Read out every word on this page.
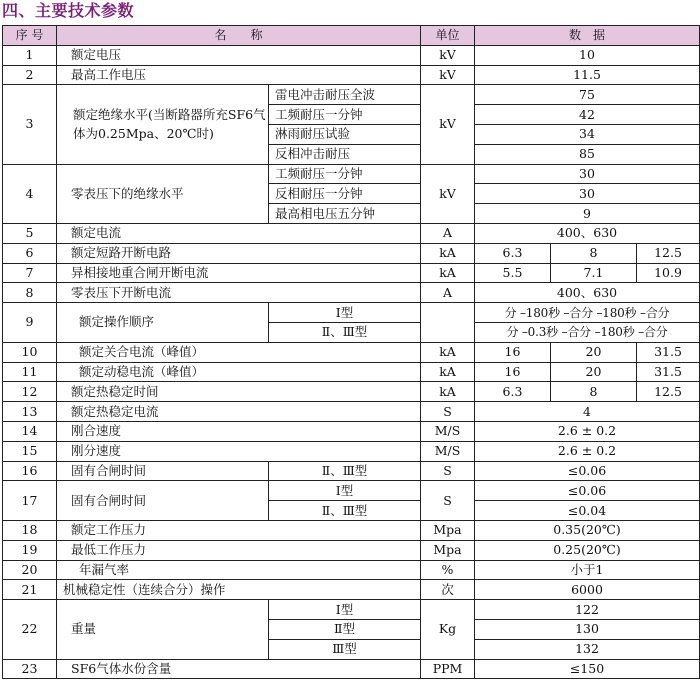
四、主要技术参数
序 号	名　　称		单位	数　据		
1	额定电压		kV	10		
2	最高工作电压		kV	11.5		
3	额定绝缘水平(当断路器所充SF6气体为0.25Mpa、20℃时)	雷电冲击耐压全波	kV	75		
		工频耐压一分钟		42		
		淋雨耐压试验		34		
		反相冲击耐压		85		
4	零表压下的绝缘水平	工频耐压一分钟	kV	30		
		反相耐压一分钟		30		
		最高相电压五分钟		9		
5	额定电流		A	400、630		
6	额定短路开断电路		kA	6.3	8	12.5
7	异相接地重合闸开断电流		kA	5.5	7.1	10.9
8	零表压下开断电流		A	400、630		
9	额定操作顺序	Ⅰ型		分 –180秒 –合分 –180秒 –合分		
		Ⅱ、Ⅲ型		分 –0.3秒 –合分 –180秒 –合分		
10	额定关合电流（峰值）		kA	16	20	31.5
11	额定动稳电流（峰值）		kA	16	20	31.5
12	额定热稳定时间		kA	6.3	8	12.5
13	额定热稳定电流		S	4		
14	刚合速度		M/S	2.6 ± 0.2		
15	刚分速度		M/S	2.6 ± 0.2		
16	固有合闸时间	Ⅱ、Ⅲ型	S	≤0.06		
17	固有合闸时间	Ⅰ型	S	≤0.06		
		Ⅱ、Ⅲ型		≤0.04		
18	额定工作压力		Mpa	0.35(20℃)		
19	最低工作压力		Mpa	0.25(20℃)		
20	年漏气率		%	小于1		
21	机械稳定性（连续合分）操作		次	6000		
22	重量	Ⅰ型	Kg	122		
		Ⅱ型		130		
		Ⅲ型		132		
23	SF6气体水份含量		PPM	≤150		
